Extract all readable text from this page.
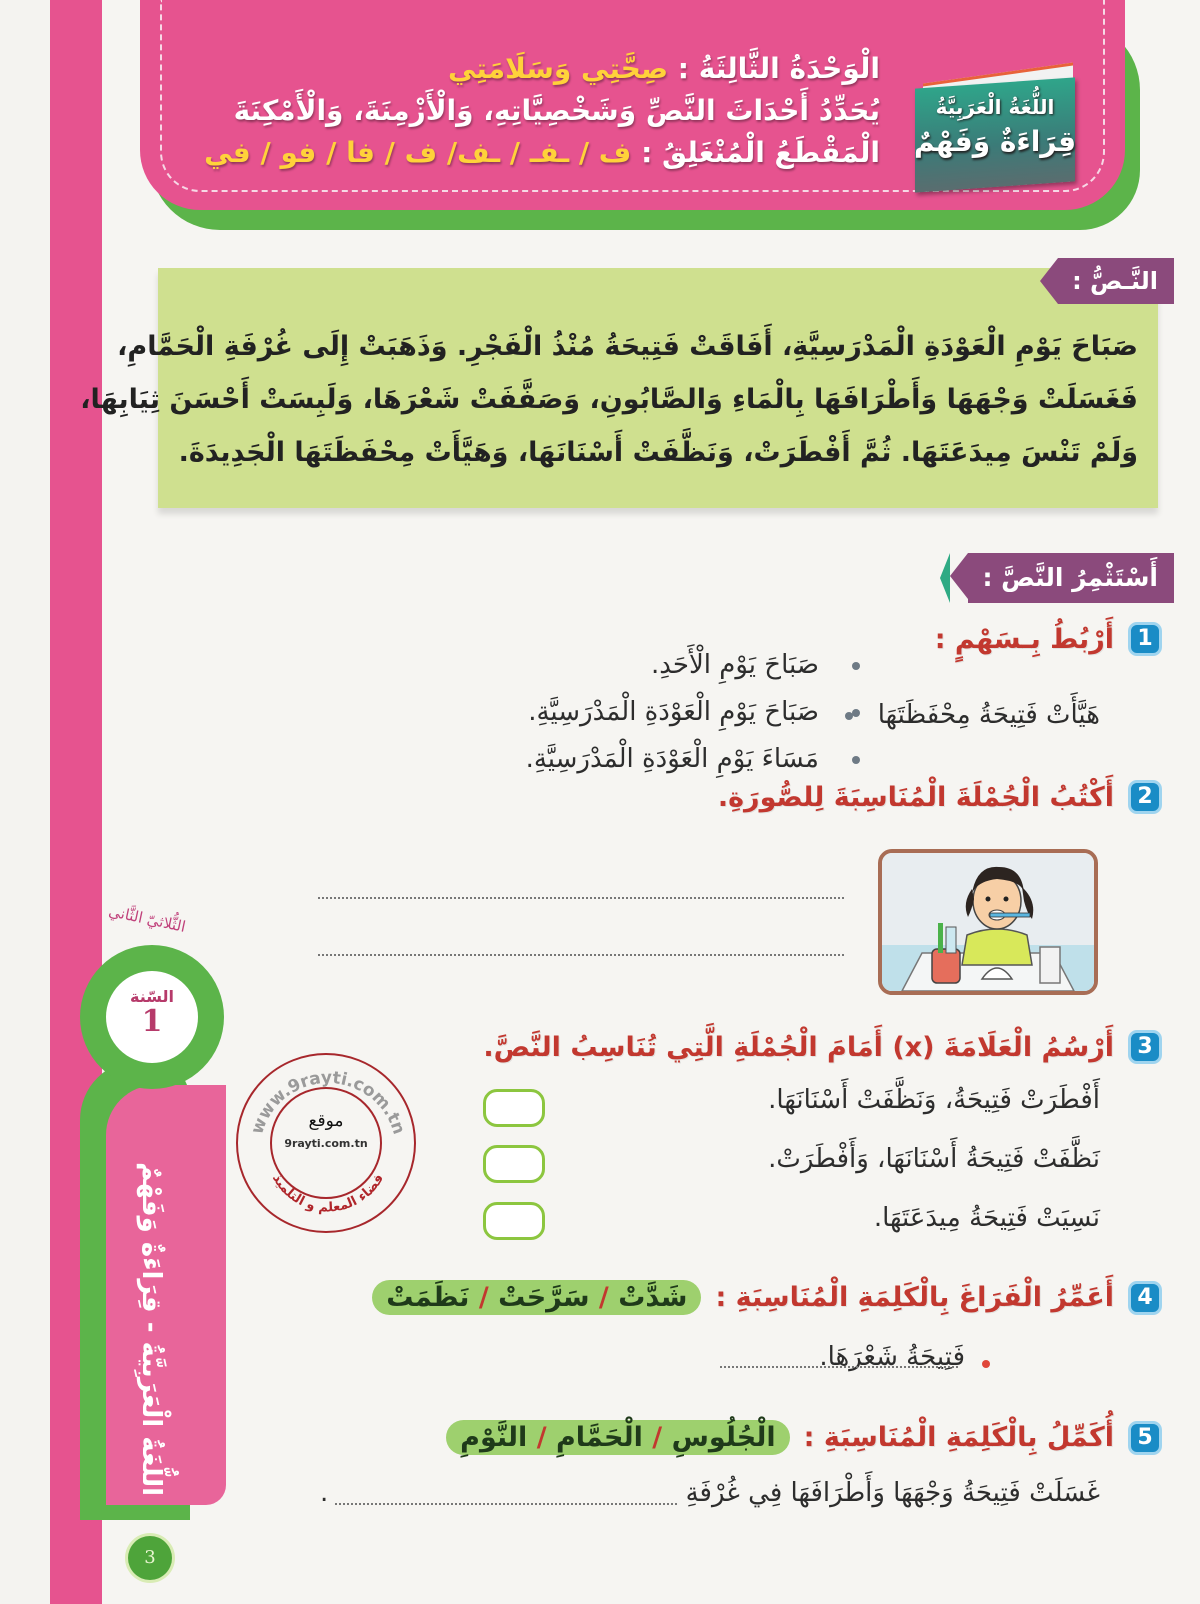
الْوَحْدَةُ الثَّالِثَةُ : صِحَّتِي وَسَلَامَتِي
يُحَدِّدُ أَحْدَاثَ النَّصِّ وَشَخْصِيَّاتِهِ، وَالْأَزْمِنَةَ، وَالْأَمْكِنَةَ
الْمَقْطَعُ الْمُنْغَلِقُ : ف / ـفـ / ـف/ ف / فا / فو / في
اللُّغَةُ الْعَرَبِيَّةُ
قِرَاءَةٌ وَفَهْمٌ
النَّـصُّ :
صَبَاحَ يَوْمِ الْعَوْدَةِ الْمَدْرَسِيَّةِ، أَفَاقَتْ فَتِيحَةُ مُنْذُ الْفَجْرِ. وَذَهَبَتْ إِلَى غُرْفَةِ الْحَمَّامِ،
فَغَسَلَتْ وَجْهَهَا وَأَطْرَافَهَا بِالْمَاءِ وَالصَّابُونِ، وَصَفَّفَتْ شَعْرَهَا، وَلَبِسَتْ أَحْسَنَ ثِيَابِهَا،
وَلَمْ تَنْسَ مِيدَعَتَهَا. ثُمَّ أَفْطَرَتْ، وَنَظَّفَتْ أَسْنَانَهَا، وَهَيَّأَتْ مِحْفَظَتَهَا الْجَدِيدَةَ.
أَسْتَثْمِرُ النَّصَّ :
1
أَرْبُطُ بِـسَهْمٍ :
صَبَاحَ يَوْمِ الْأَحَدِ.
صَبَاحَ يَوْمِ الْعَوْدَةِ الْمَدْرَسِيَّةِ.
مَسَاءَ يَوْمِ الْعَوْدَةِ الْمَدْرَسِيَّةِ.
هَيَّأَتْ فَتِيحَةُ مِحْفَظَتَهَا
2
أَكْتُبُ الْجُمْلَةَ الْمُنَاسِبَةَ لِلصُّورَةِ.
3
أَرْسُمُ الْعَلَامَةَ (x) أَمَامَ الْجُمْلَةِ الَّتِي تُنَاسِبُ النَّصَّ.
أَفْطَرَتْ فَتِيحَةُ، وَنَظَّفَتْ أَسْنَانَهَا.
نَظَّفَتْ فَتِيحَةُ أَسْنَانَهَا، وَأَفْطَرَتْ.
نَسِيَتْ فَتِيحَةُ مِيدَعَتَهَا.
4
أَعَمِّرُ الْفَرَاغَ بِالْكَلِمَةِ الْمُنَاسِبَةِ :
شَدَّتْ / سَرَّحَتْ / نَظَمَتْ
فَتِيحَةُ شَعْرَهَا.
5
أُكَمِّلُ بِالْكَلِمَةِ الْمُنَاسِبَةِ :
الْجُلُوسِ / الْحَمَّامِ / النَّوْمِ
غَسَلَتْ فَتِيحَةُ وَجْهَهَا وَأَطْرَافَهَا فِي غُرْفَةِ
.
اللُّغَةُ الْعَرَبِيَّةُ - قِرَاءَةٌ وَفَهْمٌ
الثُّلاثيّ الثَّاني
السّنة
1
3
www.9rayti.com.tn
فضاء المعلم و التلميذ
موقع
9rayti.com.tn
